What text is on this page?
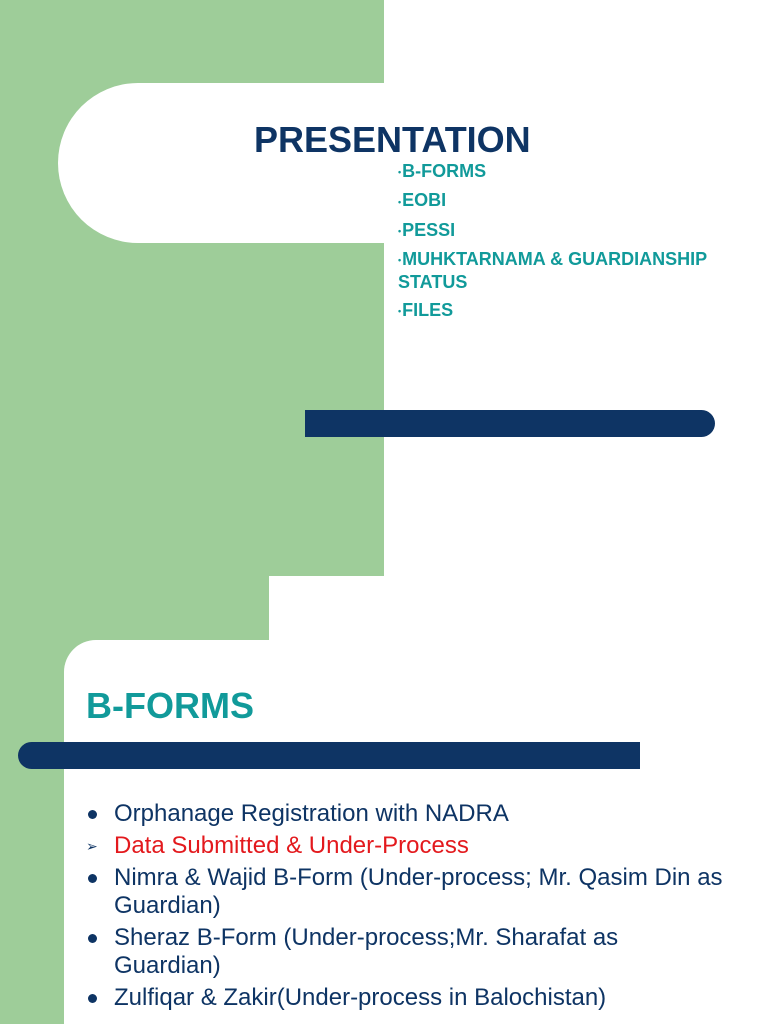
PRESENTATION
•B-FORMS
•EOBI
•PESSI
•MUHKTARNAMA & GUARDIANSHIP STATUS
•FILES
B-FORMS
Orphanage Registration with NADRA
➢ Data Submitted & Under-Process
Nimra & Wajid B-Form (Under-process; Mr. Qasim Din as Guardian)
Sheraz B-Form (Under-process;Mr. Sharafat as Guardian)
Zulfiqar & Zakir(Under-process in Balochistan)
